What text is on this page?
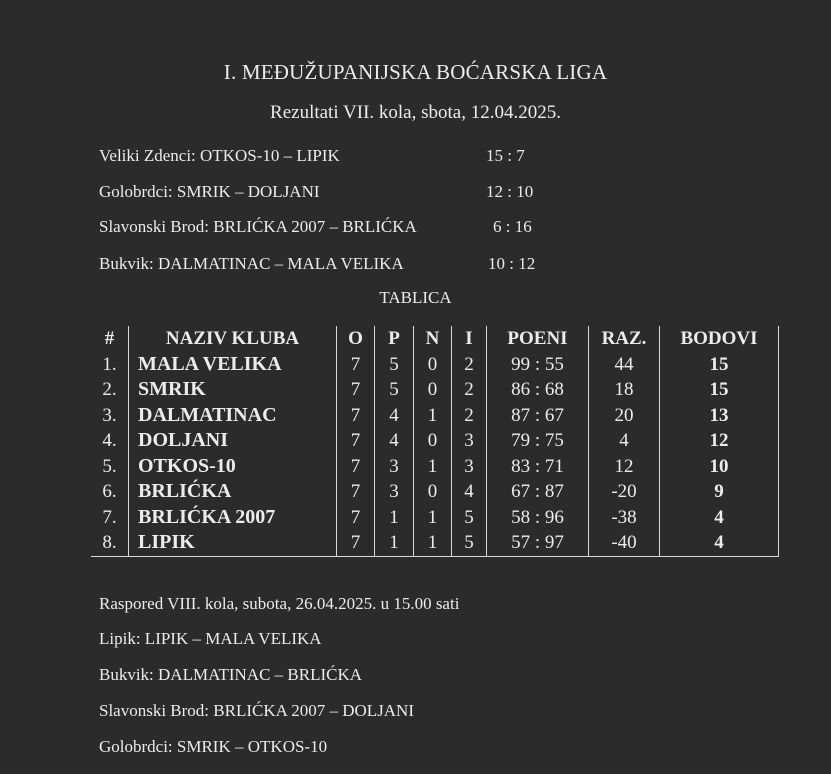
I. MEĐUŽUPANIJSKA BOĆARSKA LIGA
Rezultati VII. kola, sbota, 12.04.2025.
Veliki Zdenci: OTKOS-10 – LIPIK	15 : 7
Golobrdci: SMRIK – DOLJANI	12 : 10
Slavonski Brod: BRLIĆKA 2007 – BRLIĆKA	6 : 16
Bukvik: DALMATINAC – MALA VELIKA	10 : 12
TABLICA
#	NAZIV KLUBA	O	P	N	I	POENI	RAZ.	BODOVI
1.	MALA VELIKA	7	5	0	2	99 : 55	44	15
2.	SMRIK	7	5	0	2	86 : 68	18	15
3.	DALMATINAC	7	4	1	2	87 : 67	20	13
4.	DOLJANI	7	4	0	3	79 : 75	4	12
5.	OTKOS-10	7	3	1	3	83 : 71	12	10
6.	BRLIĆKA	7	3	0	4	67 : 87	-20	9
7.	BRLIĆKA 2007	7	1	1	5	58 : 96	-38	4
8.	LIPIK	7	1	1	5	57 : 97	-40	4
Raspored VIII. kola, subota, 26.04.2025. u 15.00 sati
Lipik: LIPIK – MALA VELIKA
Bukvik: DALMATINAC – BRLIĆKA
Slavonski Brod: BRLIĆKA 2007 – DOLJANI
Golobrdci: SMRIK – OTKOS-10
